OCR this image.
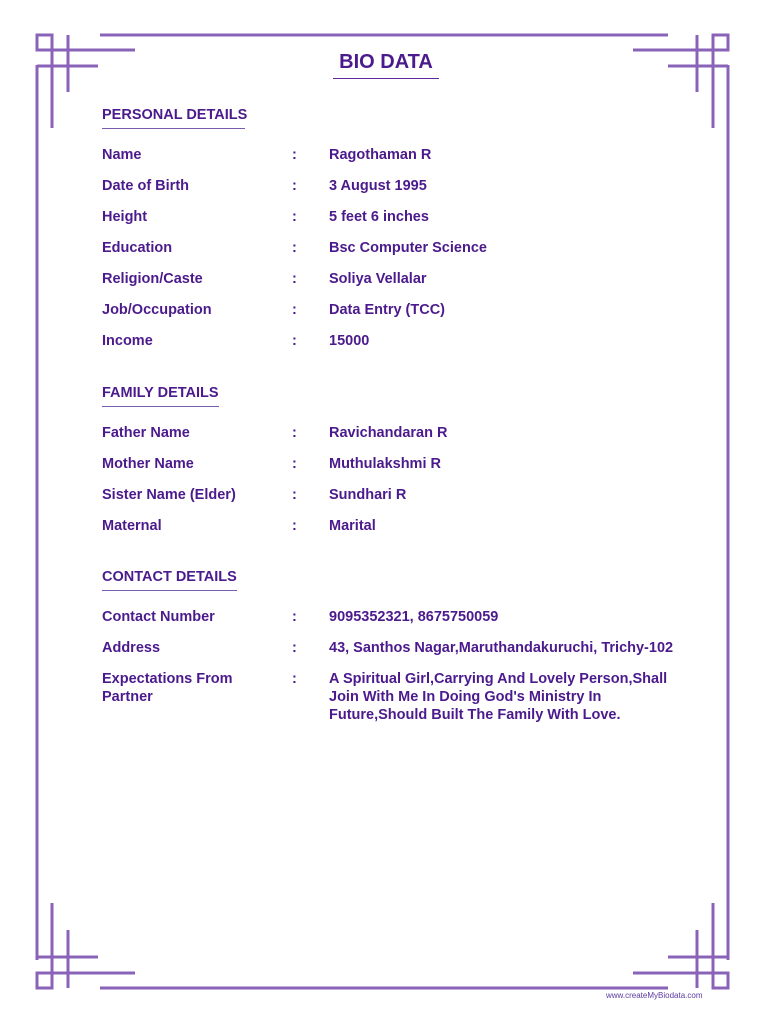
BIO DATA
PERSONAL DETAILS
Name	: Ragothaman R
Date of Birth	: 3 August 1995
Height	: 5 feet 6 inches
Education	: Bsc Computer Science
Religion/Caste	: Soliya Vellalar
Job/Occupation	: Data Entry (TCC)
Income	: 15000
FAMILY DETAILS
Father Name	: Ravichandaran R
Mother Name	: Muthulakshmi R
Sister Name (Elder)	: Sundhari R
Maternal	: Marital
CONTACT DETAILS
Contact Number	: 9095352321, 8675750059
Address	: 43, Santhos Nagar,Maruthandakuruchi, Trichy-102
Expectations From
Partner
: A Spiritual Girl,Carrying And Lovely Person,Shall
Join With Me In Doing God's Ministry In
Future,Should Built The Family With Love.
www.createMyBiodata.com
